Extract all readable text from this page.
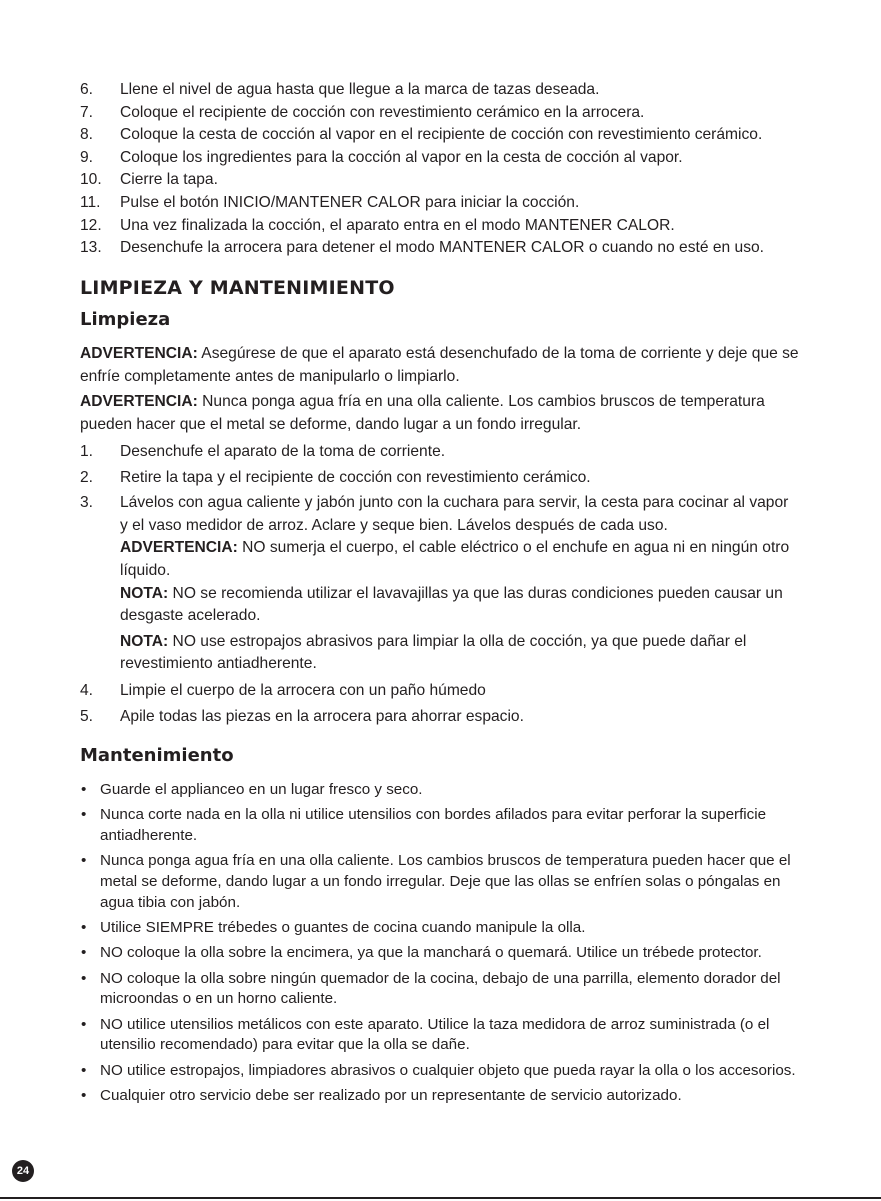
6. Llene el nivel de agua hasta que llegue a la marca de tazas deseada.
7. Coloque el recipiente de cocción con revestimiento cerámico en la arrocera.
8. Coloque la cesta de cocción al vapor en el recipiente de cocción con revestimiento cerámico.
9. Coloque los ingredientes para la cocción al vapor en la cesta de cocción al vapor.
10. Cierre la tapa.
11. Pulse el botón INICIO/MANTENER CALOR para iniciar la cocción.
12. Una vez finalizada la cocción, el aparato entra en el modo MANTENER CALOR.
13. Desenchufe la arrocera para detener el modo MANTENER CALOR o cuando no esté en uso.
LIMPIEZA Y MANTENIMIENTO
Limpieza

ADVERTENCIA: Asegúrese de que el aparato está desenchufado de la toma de corriente y deje que se enfríe completamente antes de manipularlo o limpiarlo.

ADVERTENCIA: Nunca ponga agua fría en una olla caliente. Los cambios bruscos de temperatura pueden hacer que el metal se deforme, dando lugar a un fondo irregular.

1. Desenchufe el aparato de la toma de corriente.
2. Retire la tapa y el recipiente de cocción con revestimiento cerámico.
3. Lávelos con agua caliente y jabón junto con la cuchara para servir, la cesta para cocinar al vapor y el vaso medidor de arroz. Aclare y seque bien. Lávelos después de cada uso.
ADVERTENCIA: NO sumerja el cuerpo, el cable eléctrico o el enchufe en agua ni en ningún otro líquido.
NOTA: NO se recomienda utilizar el lavavajillas ya que las duras condiciones pueden causar un desgaste acelerado.
NOTA: NO use estropajos abrasivos para limpiar la olla de cocción, ya que puede dañar el revestimiento antiadherente.
4. Limpie el cuerpo de la arrocera con un paño húmedo
5. Apile todas las piezas en la arrocera para ahorrar espacio.
Mantenimiento
• Guarde el applianceo en un lugar fresco y seco.
• Nunca corte nada en la olla ni utilice utensilios con bordes afilados para evitar perforar la superficie antiadherente.
• Nunca ponga agua fría en una olla caliente. Los cambios bruscos de temperatura pueden hacer que el metal se deforme, dando lugar a un fondo irregular. Deje que las ollas se enfríen solas o póngalas en agua tibia con jabón.
• Utilice SIEMPRE trébedes o guantes de cocina cuando manipule la olla.
• NO coloque la olla sobre la encimera, ya que la manchará o quemará. Utilice un trébede protector.
• NO coloque la olla sobre ningún quemador de la cocina, debajo de una parrilla, elemento dorador del microondas o en un horno caliente.
• NO utilice utensilios metálicos con este aparato. Utilice la taza medidora de arroz suministrada (o el utensilio recomendado) para evitar que la olla se dañe.
• NO utilice estropajos, limpiadores abrasivos o cualquier objeto que pueda rayar la olla o los accesorios.
• Cualquier otro servicio debe ser realizado por un representante de servicio autorizado.
24
